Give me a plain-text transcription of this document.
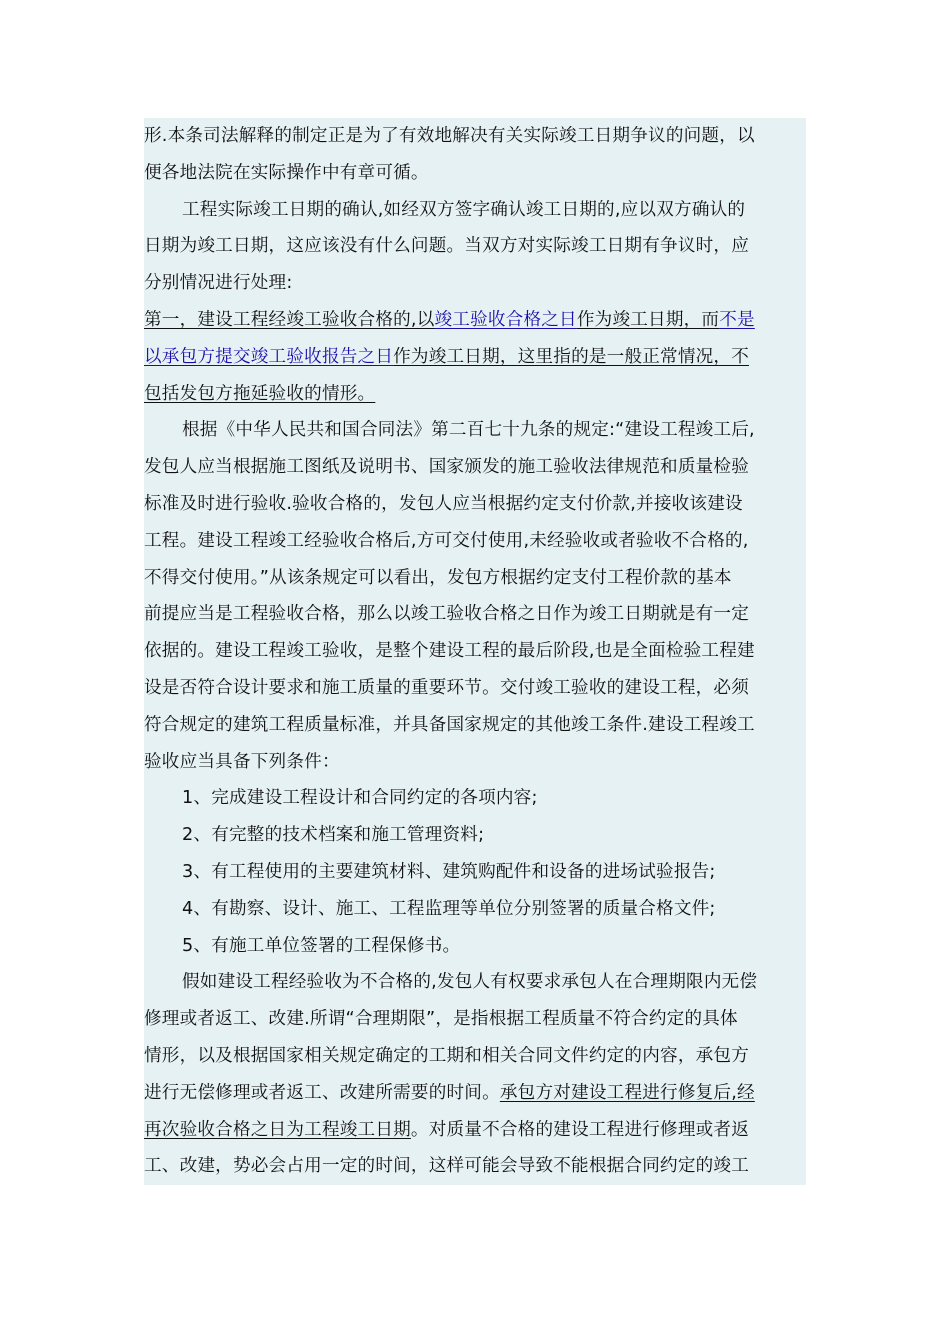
形.本条司法解释的制定正是为了有效地解决有关实际竣工日期争议的问题，以
便各地法院在实际操作中有章可循。
工程实际竣工日期的确认,如经双方签字确认竣工日期的,应以双方确认的
日期为竣工日期，这应该没有什么问题。当双方对实际竣工日期有争议时，应
分别情况进行处理:
第一，建设工程经竣工验收合格的,以竣工验收合格之日作为竣工日期，而不是
以承包方提交竣工验收报告之日作为竣工日期，这里指的是一般正常情况，不
包括发包方拖延验收的情形。
根据《中华人民共和国合同法》第二百七十九条的规定:“建设工程竣工后,
发包人应当根据施工图纸及说明书、国家颁发的施工验收法律规范和质量检验
标准及时进行验收.验收合格的，发包人应当根据约定支付价款,并接收该建设
工程。建设工程竣工经验收合格后,方可交付使用,未经验收或者验收不合格的,
不得交付使用。”从该条规定可以看出，发包方根据约定支付工程价款的基本
前提应当是工程验收合格，那么以竣工验收合格之日作为竣工日期就是有一定
依据的。建设工程竣工验收，是整个建设工程的最后阶段,也是全面检验工程建
设是否符合设计要求和施工质量的重要环节。交付竣工验收的建设工程，必须
符合规定的建筑工程质量标准，并具备国家规定的其他竣工条件.建设工程竣工
验收应当具备下列条件：
1、完成建设工程设计和合同约定的各项内容;
2、有完整的技术档案和施工管理资料;
3、有工程使用的主要建筑材料、建筑购配件和设备的进场试验报告;
4、有勘察、设计、施工、工程监理等单位分别签署的质量合格文件;
5、有施工单位签署的工程保修书。
假如建设工程经验收为不合格的,发包人有权要求承包人在合理期限内无偿
修理或者返工、改建.所谓“合理期限”，是指根据工程质量不符合约定的具体
情形，以及根据国家相关规定确定的工期和相关合同文件约定的内容，承包方
进行无偿修理或者返工、改建所需要的时间。承包方对建设工程进行修复后,经
再次验收合格之日为工程竣工日期。对质量不合格的建设工程进行修理或者返
工、改建，势必会占用一定的时间，这样可能会导致不能根据合同约定的竣工
